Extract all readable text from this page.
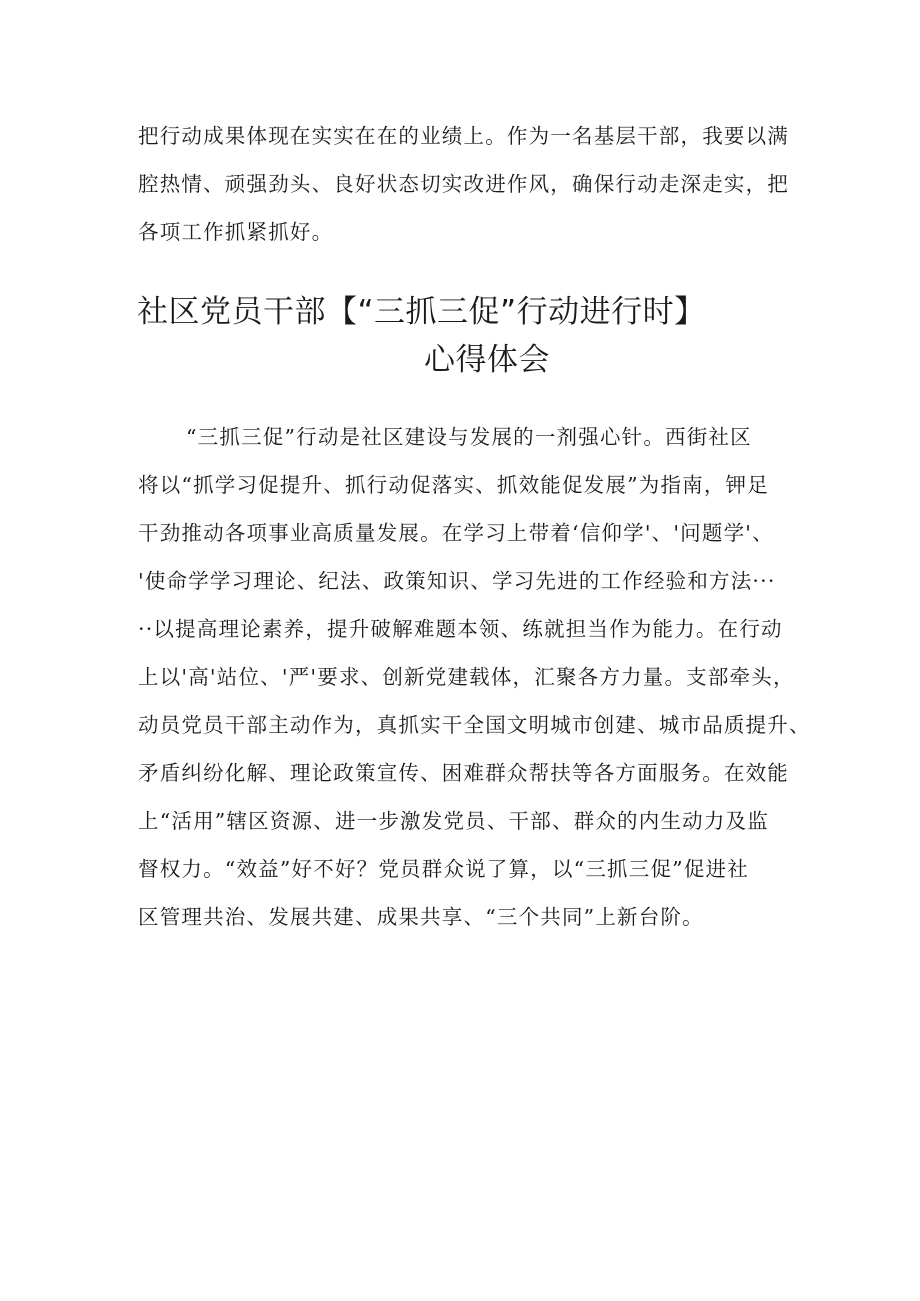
把行动成果体现在实实在在的业绩上。作为一名基层干部，我要以满
腔热情、顽强劲头、良好状态切实改进作风，确保行动走深走实，把
各项工作抓紧抓好。
社区党员干部【“三抓三促”行动进行时】
心得体会
“三抓三促”行动是社区建设与发展的一剂强心针。西街社区
将以“抓学习促提升、抓行动促落实、抓效能促发展”为指南，钾足
干劲推动各项事业高质量发展。在学习上带着‘信仰学'、'问题学'、
'使命学学习理论、纪法、政策知识、学习先进的工作经验和方法···
··以提高理论素养，提升破解难题本领、练就担当作为能力。在行动
上以'高'站位、'严'要求、创新党建载体，汇聚各方力量。支部牵头，
动员党员干部主动作为，真抓实干全国文明城市创建、城市品质提升、
矛盾纠纷化解、理论政策宣传、困难群众帮扶等各方面服务。在效能
上“活用”辖区资源、进一步激发党员、干部、群众的内生动力及监
督权力。“效益”好不好？党员群众说了算，以“三抓三促”促进社
区管理共治、发展共建、成果共享、“三个共同”上新台阶。
